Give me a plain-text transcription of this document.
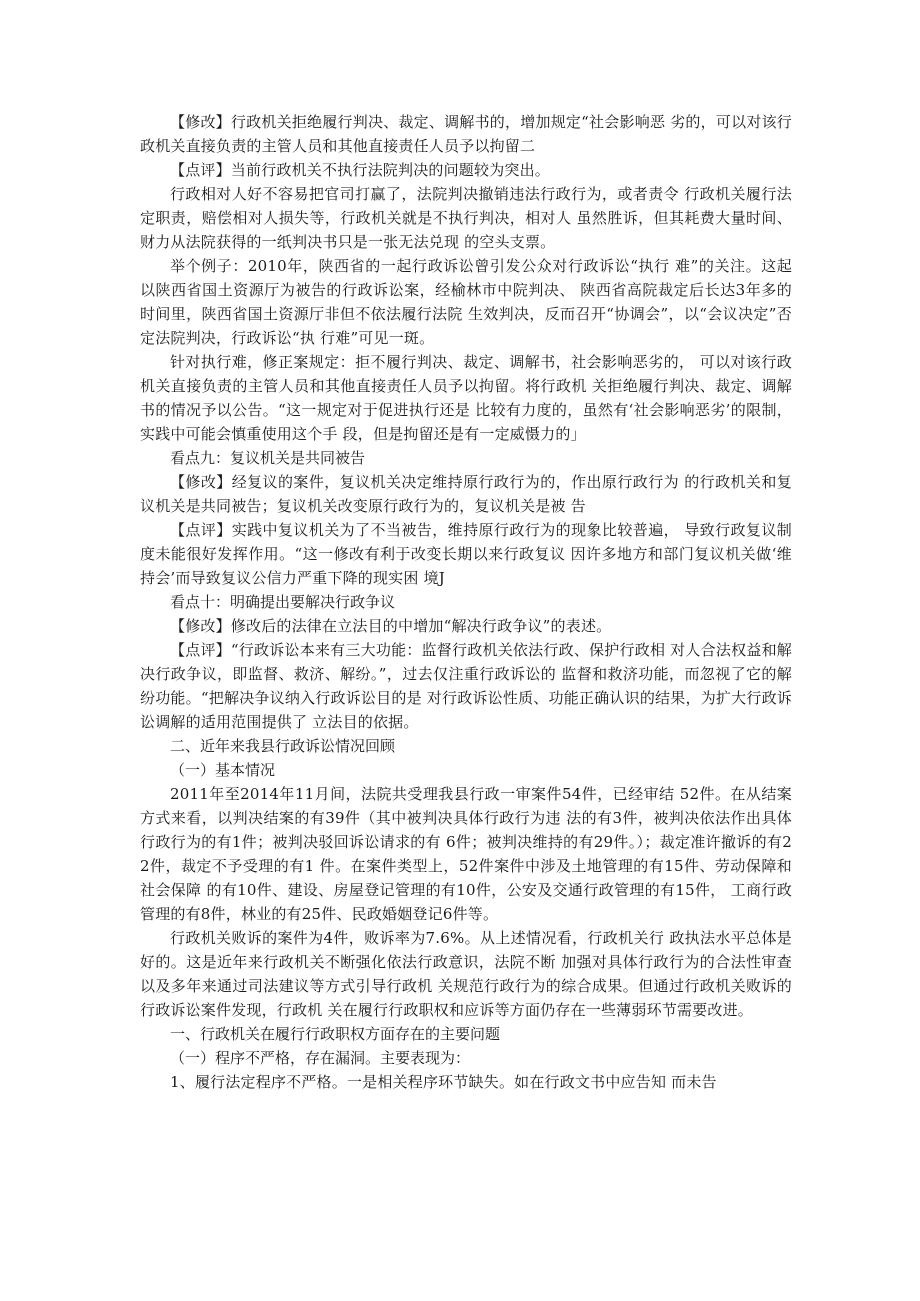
【修改】行政机关拒绝履行判决、裁定、调解书的，增加规定“社会影响恶 劣的，可以对该行政机关直接负责的主管人员和其他直接责任人员予以拘留二

【点评】当前行政机关不执行法院判决的问题较为突出。

行政相对人好不容易把官司打赢了，法院判决撤销违法行政行为，或者责令 行政机关履行法定职责，赔偿相对人损失等，行政机关就是不执行判决，相对人 虽然胜诉，但其耗费大量时间、财力从法院获得的一纸判决书只是一张无法兑现 的空头支票。

举个例子：2010年，陕西省的一起行政诉讼曾引发公众对行政诉讼“执行 难”的关注。这起以陕西省国土资源厅为被告的行政诉讼案，经榆林市中院判决、 陕西省高院裁定后长达3年多的时间里，陕西省国土资源厅非但不依法履行法院 生效判决，反而召开“协调会”，以“会议决定”否定法院判决，行政诉讼“执 行难”可见一斑。

针对执行难，修正案规定：拒不履行判决、裁定、调解书，社会影响恶劣的， 可以对该行政机关直接负责的主管人员和其他直接责任人员予以拘留。将行政机 关拒绝履行判决、裁定、调解书的情况予以公告。“这一规定对于促进执行还是 比较有力度的，虽然有‘社会影响恶劣’的限制，实践中可能会慎重使用这个手 段，但是拘留还是有一定威慑力的」

看点九：复议机关是共同被告

【修改】经复议的案件，复议机关决定维持原行政行为的，作出原行政行为 的行政机关和复议机关是共同被告；复议机关改变原行政行为的，复议机关是被 告

【点评】实践中复议机关为了不当被告，维持原行政行为的现象比较普遍， 导致行政复议制度未能很好发挥作用。“这一修改有利于改变长期以来行政复议 因许多地方和部门复议机关做‘维持会’而导致复议公信力严重下降的现实困 境J

看点十：明确提出要解决行政争议

【修改】修改后的法律在立法目的中增加“解决行政争议”的表述。

【点评】“行政诉讼本来有三大功能：监督行政机关依法行政、保护行政相 对人合法权益和解决行政争议，即监督、救济、解纷。”，过去仅注重行政诉讼的 监督和救济功能，而忽视了它的解纷功能。“把解决争议纳入行政诉讼目的是 对行政诉讼性质、功能正确认识的结果，为扩大行政诉讼调解的适用范围提供了 立法目的依据。

二、近年来我县行政诉讼情况回顾

（一）基本情况

2011年至2014年11月间，法院共受理我县行政一审案件54件，已经审结 52件。在从结案方式来看，以判决结案的有39件（其中被判决具体行政行为违 法的有3件，被判决依法作出具体行政行为的有1件；被判决驳回诉讼请求的有 6件；被判决维持的有29件。）；裁定准许撤诉的有22件，裁定不予受理的有1 件。在案件类型上，52件案件中涉及土地管理的有15件、劳动保障和社会保障 的有10件、建设、房屋登记管理的有10件，公安及交通行政管理的有15件， 工商行政管理的有8件，林业的有25件、民政婚姻登记6件等。

行政机关败诉的案件为4件，败诉率为7.6%。从上述情况看，行政机关行 政执法水平总体是好的。这是近年来行政机关不断强化依法行政意识，法院不断 加强对具体行政行为的合法性审查以及多年来通过司法建议等方式引导行政机 关规范行政行为的综合成果。但通过行政机关败诉的行政诉讼案件发现，行政机 关在履行行政职权和应诉等方面仍存在一些薄弱环节需要改进。

一、行政机关在履行行政职权方面存在的主要问题

（一）程序不严格，存在漏洞。主要表现为：

1、履行法定程序不严格。一是相关程序环节缺失。如在行政文书中应告知 而未告
